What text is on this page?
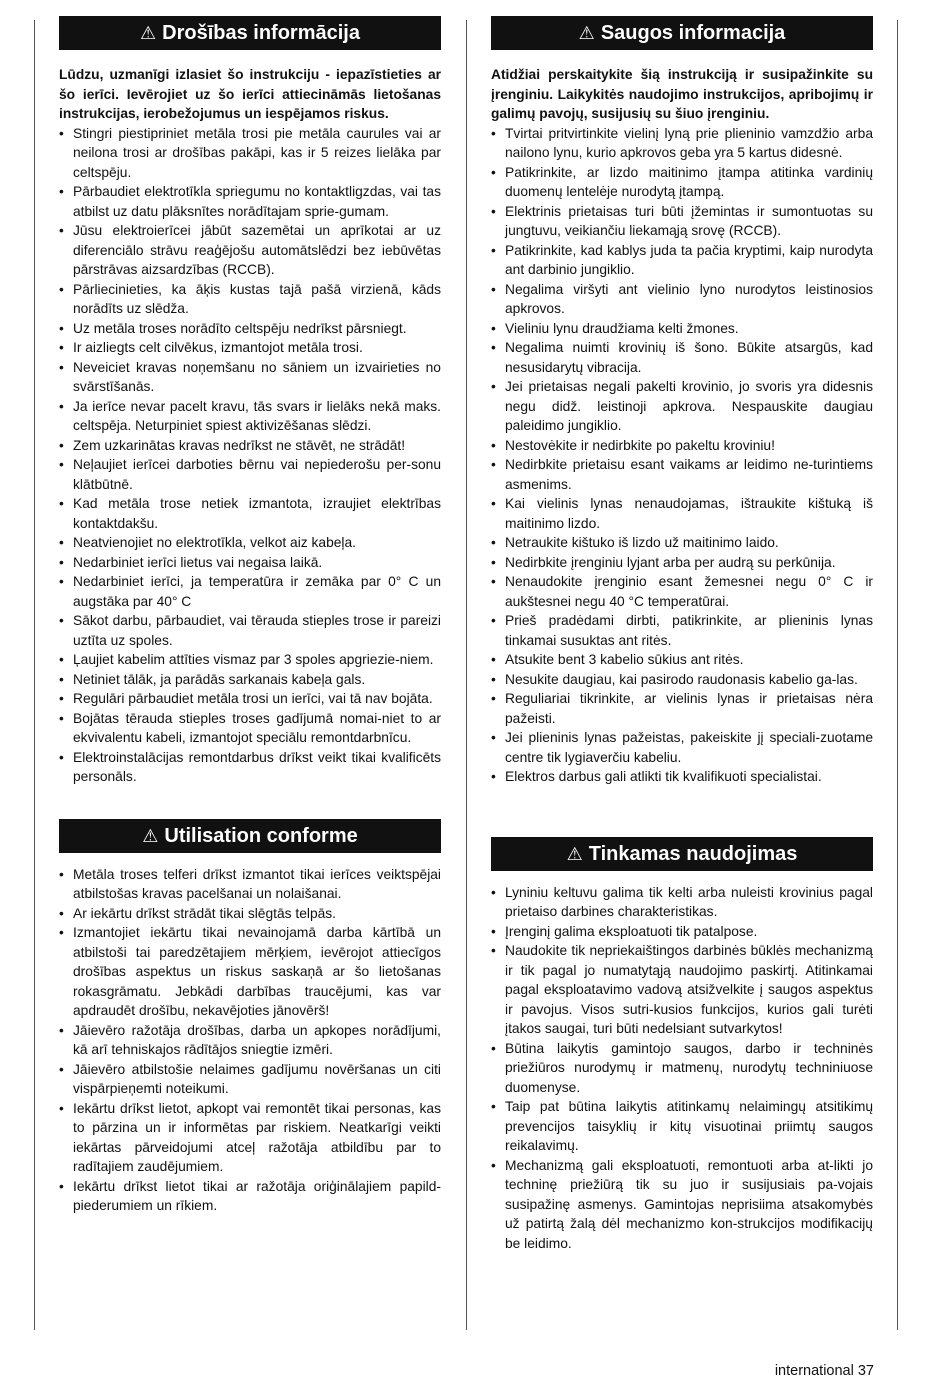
⚠ Drošības informācija

Lūdzu, uzmanīgi izlasiet šo instrukciju - iepazīstieties ar šo ierīci. Ievērojiet uz šo ierīci attiecināmās lietošanas instrukcijas, ierobežojumus un iespējamos riskus.

• Stingri piestipriniet metāla trosi pie metāla caurules vai ar neilona trosi ar drošības pakāpi, kas ir 5 reizes lielāka par celtspēju.
• Pārbaudiet elektrotīkla spriegumu no kontaktligzdas, vai tas atbilst uz datu plāksnītes norādītajam sprie-gumam.
• Jūsu elektroierīcei jābūt sazemētai un aprīkotai ar uz diferenciālo strāvu reaģējošu automātslēdzi bez iebūvētas pārstrāvas aizsardzības (RCCB).
• Pārliecinieties, ka āķis kustas tajā pašā virzienā, kāds norādīts uz slēdža.
• Uz metāla troses norādīto celtspēju nedrīkst pārsniegt.
• Ir aizliegts celt cilvēkus, izmantojot metāla trosi.
• Neveiciet kravas noņemšanu no sāniem un izvairieties no svārstīšanās.
• Ja ierīce nevar pacelt kravu, tās svars ir lielāks nekā maks. celtspēja. Neturpiniet spiest aktivizēšanas slēdzi.
• Zem uzkarinātas kravas nedrīkst ne stāvēt, ne strādāt!
• Neļaujiet ierīcei darboties bērnu vai nepiederošu per-sonu klātbūtnē.
• Kad metāla trose netiek izmantota, izraujiet elektrības kontaktdakšu.
• Neatvienojiet no elektrotīkla, velkot aiz kabeļa.
• Nedarbiniet ierīci lietus vai negaisa laikā.
• Nedarbiniet ierīci, ja temperatūra ir zemāka par 0° C un augstāka par 40° C
• Sākot darbu, pārbaudiet, vai tērauda stieples trose ir pareizi uztīta uz spoles.
• Ļaujiet kabelim attīties vismaz par 3 spoles apgriezie-niem.
• Netiniet tālāk, ja parādās sarkanais kabeļa gals.
• Regulāri pārbaudiet metāla trosi un ierīci, vai tā nav bojāta.
• Bojātas tērauda stieples troses gadījumā nomai-niet to ar ekvivalentu kabeli, izmantojot speciālu remontdarbnīcu.
• Elektroinstalācijas remontdarbus drīkst veikt tikai kvalificēts personāls.
⚠ Utilisation conforme
• Metāla troses telferi drīkst izmantot tikai ierīces veiktspējai atbilstošas kravas pacelšanai un nolaišanai.
• Ar iekārtu drīkst strādāt tikai slēgtās telpās.
• Izmantojiet iekārtu tikai nevainojamā darba kārtībā un atbilstoši tai paredzētajiem mērķiem, ievērojot attiecīgos drošības aspektus un riskus saskaņā ar šo lietošanas rokasgrāmatu. Jebkādi darbības traucējumi, kas var apdraudēt drošību, nekavējoties jānovērš!
• Jāievēro ražotāja drošības, darba un apkopes norādījumi, kā arī tehniskajos rādītājos sniegtie izmēri.
• Jāievēro atbilstošie nelaimes gadījumu novēršanas un citi vispārpieņemti noteikumi.
• Iekārtu drīkst lietot, apkopt vai remontēt tikai personas, kas to pārzina un ir informētas par riskiem. Neatkarīgi veikti iekārtas pārveidojumi atceļ ražotāja atbildību par to radītajiem zaudējumiem.
• Iekārtu drīkst lietot tikai ar ražotāja oriģinālajiem papild-piederumiem un rīkiem.
⚠ Saugos informacija

Atidžiai perskaitykite šią instrukciją ir susipažinkite su įrenginiu. Laikykitės naudojimo instrukcijos, apribojimų ir galimų pavojų, susijusių su šiuo įrenginiu.

• Tvirtai pritvirtinkite vielinį lyną prie plieninio vamzdžio arba nailono lynu, kurio apkrovos geba yra 5 kartus didesnė.
• Patikrinkite, ar lizdo maitinimo įtampa atitinka vardinių duomenų lentelėje nurodytą įtampą.
• Elektrinis prietaisas turi būti įžemintas ir sumontuotas su jungtuvu, veikiančiu liekamąją srovę (RCCB).
• Patikrinkite, kad kablys juda ta pačia kryptimi, kaip nurodyta ant darbinio jungiklio.
• Negalima viršyti ant vielinio lyno nurodytos leistinosios apkrovos.
• Vieliniu lynu draudžiama kelti žmones.
• Negalima nuimti krovinių iš šono. Būkite atsargūs, kad nesusidarytų vibracija.
• Jei prietaisas negali pakelti krovinio, jo svoris yra didesnis negu didž. leistinoji apkrova. Nespauskite daugiau paleidimo jungiklio.
• Nestovėkite ir nedirbkite po pakeltu kroviniu!
• Nedirbkite prietaisu esant vaikams ar leidimo ne-turintiems asmenims.
• Kai vielinis lynas nenaudojamas, ištraukite kištuką iš maitinimo lizdo.
• Netraukite kištuko iš lizdo už maitinimo laido.
• Nedirbkite įrenginiu lyjant arba per audrą su perkūnija.
• Nenaudokite įrenginio esant žemesnei negu 0° C ir aukštesnei negu 40 °C temperatūrai.
• Prieš pradėdami dirbti, patikrinkite, ar plieninis lynas tinkamai susuktas ant ritės.
• Atsukite bent 3 kabelio sūkius ant ritės.
• Nesukite daugiau, kai pasirodo raudonasis kabelio ga-las.
• Reguliariai tikrinkite, ar vielinis lynas ir prietaisas nėra pažeisti.
• Jei plieninis lynas pažeistas, pakeiskite jį speciali-zuotame centre tik lygiaverčiu kabeliu.
• Elektros darbus gali atlikti tik kvalifikuoti specialistai.
⚠ Tinkamas naudojimas
• Lyniniu keltuvu galima tik kelti arba nuleisti krovinius pagal prietaiso darbines charakteristikas.
• Įrenginį galima eksploatuoti tik patalpose.
• Naudokite tik nepriekaištingos darbinės būklės mechanizmą ir tik pagal jo numatytąją naudojimo paskirtį. Atitinkamai pagal eksploatavimo vadovą atsižvelkite į saugos aspektus ir pavojus. Visos sutri-kusios funkcijos, kurios gali turėti įtakos saugai, turi būti nedelsiant sutvarkytos!
• Būtina laikytis gamintojo saugos, darbo ir techninės priežiūros nurodymų ir matmenų, nurodytų techniniuose duomenyse.
• Taip pat būtina laikytis atitinkamų nelaimingų atsitikimų prevencijos taisyklių ir kitų visuotinai priimtų saugos reikalavimų.
• Mechanizmą gali eksploatuoti, remontuoti arba at-likti jo techninę priežiūrą tik su juo ir susijusiais pa-vojais susipažinę asmenys. Gamintojas neprisiima atsakomybės už patirtą žalą dėl mechanizmo kon-strukcijos modifikacijų be leidimo.
international 37
